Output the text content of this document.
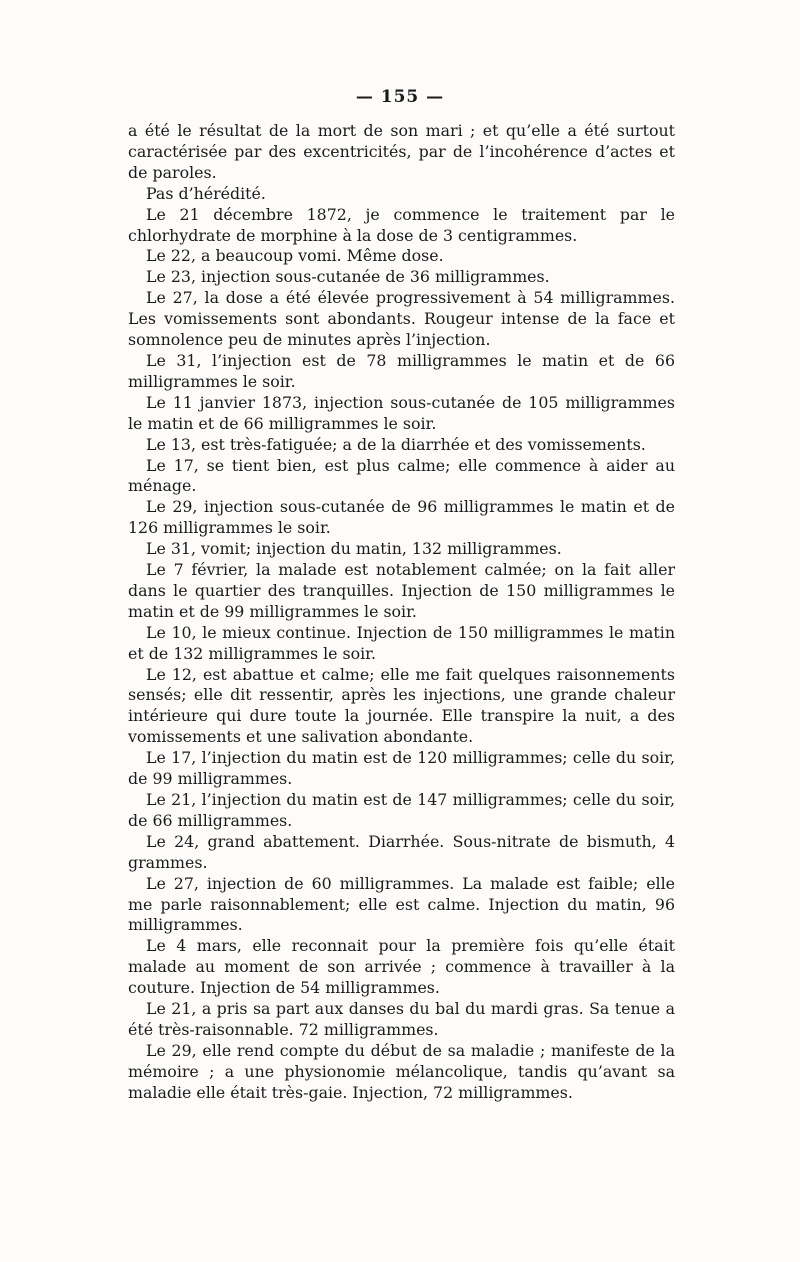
— 155 —

a été le résultat de la mort de son mari ; et qu’elle a été surtout caractérisée par des excentricités, par de l’incohérence d’actes et de paroles.

Pas d’hérédité.

Le 21 décembre 1872, je commence le traitement par le chlorhydrate de morphine à la dose de 3 centigrammes.

Le 22, a beaucoup vomi. Même dose.

Le 23, injection sous-cutanée de 36 milligrammes.

Le 27, la dose a été élevée progressivement à 54 milligrammes. Les vomissements sont abondants. Rougeur intense de la face et somnolence peu de minutes après l’injection.

Le 31, l’injection est de 78 milligrammes le matin et de 66 milligrammes le soir.

Le 11 janvier 1873, injection sous-cutanée de 105 milligrammes le matin et de 66 milligrammes le soir.

Le 13, est très-fatiguée; a de la diarrhée et des vomissements.

Le 17, se tient bien, est plus calme; elle commence à aider au ménage.

Le 29, injection sous-cutanée de 96 milligrammes le matin et de 126 milligrammes le soir.

Le 31, vomit; injection du matin, 132 milligrammes.

Le 7 février, la malade est notablement calmée; on la fait aller dans le quartier des tranquilles. Injection de 150 milligrammes le matin et de 99 milligrammes le soir.

Le 10, le mieux continue. Injection de 150 milligrammes le matin et de 132 milligrammes le soir.

Le 12, est abattue et calme; elle me fait quelques raisonnements sensés; elle dit ressentir, après les injections, une grande chaleur intérieure qui dure toute la journée. Elle transpire la nuit, a des vomissements et une salivation abondante.

Le 17, l’injection du matin est de 120 milligrammes; celle du soir, de 99 milligrammes.

Le 21, l’injection du matin est de 147 milligrammes; celle du soir, de 66 milligrammes.

Le 24, grand abattement. Diarrhée. Sous-nitrate de bismuth, 4 grammes.

Le 27, injection de 60 milligrammes. La malade est faible; elle me parle raisonnablement; elle est calme. Injection du matin, 96 milligrammes.

Le 4 mars, elle reconnait pour la première fois qu’elle était malade au moment de son arrivée ; commence à travailler à la couture. Injection de 54 milligrammes.

Le 21, a pris sa part aux danses du bal du mardi gras. Sa tenue a été très-raisonnable. 72 milligrammes.

Le 29, elle rend compte du début de sa maladie ; manifeste de la mémoire ; a une physionomie mélancolique, tandis qu’avant sa maladie elle était très-gaie. Injection, 72 milligrammes.
